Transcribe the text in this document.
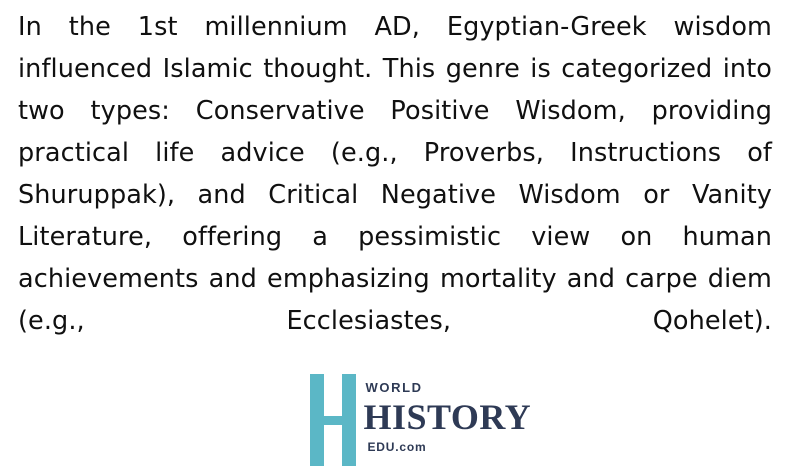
In the 1st millennium AD, Egyptian-Greek wisdom influenced Islamic thought. This genre is categorized into two types: Conservative Positive Wisdom, providing practical life advice (e.g., Proverbs, Instructions of Shuruppak), and Critical Negative Wisdom or Vanity Literature, offering a pessimistic view on human achievements and emphasizing mortality and carpe diem (e.g., Ecclesiastes, Qohelet).
WORLD
HISTORY
EDU.com
